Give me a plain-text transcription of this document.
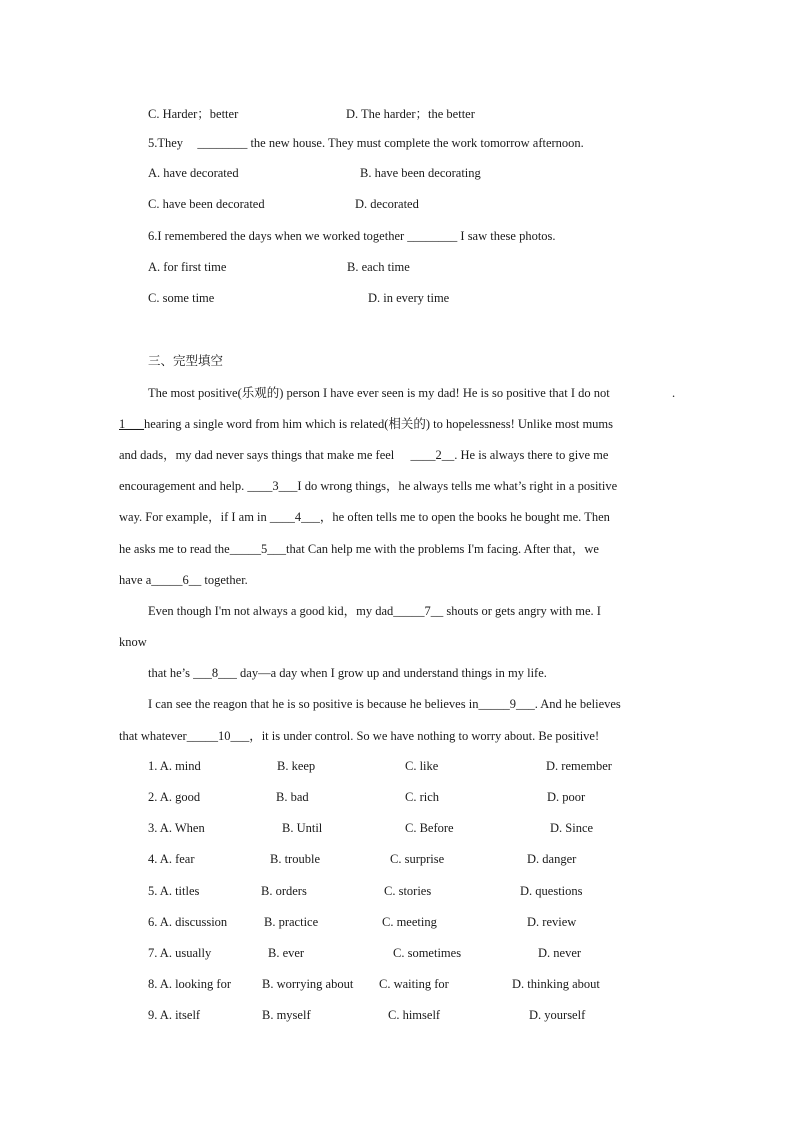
C. Harder；better	D. The harder；the better
5.They ________ the new house. They must complete the work tomorrow afternoon.
A. have decorated	B. have been decorating
C. have been decorated	D. decorated
6.I remembered the days when we worked together ________ I saw these photos.
A. for first time	B. each time
C. some time	D. in every time
三、完型填空
The most positive(乐观的) person I have ever seen is my dad! He is so positive that I do not	.
1___hearing a single word from him which is related(相关的) to hopelessness! Unlike most mums
and dads，my dad never says things that make me feel ____2__. He is always there to give me
encouragement and help. ____3___I do wrong things，he always tells me what’s right in a positive
way. For example，if I am in ____4___，he often tells me to open the books he bought me. Then
he asks me to read the_____5___that Can help me with the problems I'm facing. After that，we
have a_____6__ together.
Even though I'm not always a good kid，my dad_____7__ shouts or gets angry with me. I
know
that he’s ___8___ day—a day when I grow up and understand things in my life.
I can see the reagon that he is so positive is because he believes in_____9___. And he believes
that whatever_____10___，it is under control. So we have nothing to worry about. Be positive!
1. A. mind	B. keep	C. like	D. remember
2. A. good	B. bad	C. rich	D. poor
3. A. When	B. Until	C. Before	D. Since
4. A. fear	B. trouble	C. surprise	D. danger
5. A. titles	B. orders	C. stories	D. questions
6. A. discussion	B. practice	C. meeting	D. review
7. A. usually	B. ever	C. sometimes	D. never
8. A. looking for B. worrying about C. waiting for	D. thinking about
9. A. itself	B. myself	C. himself	D. yourself
